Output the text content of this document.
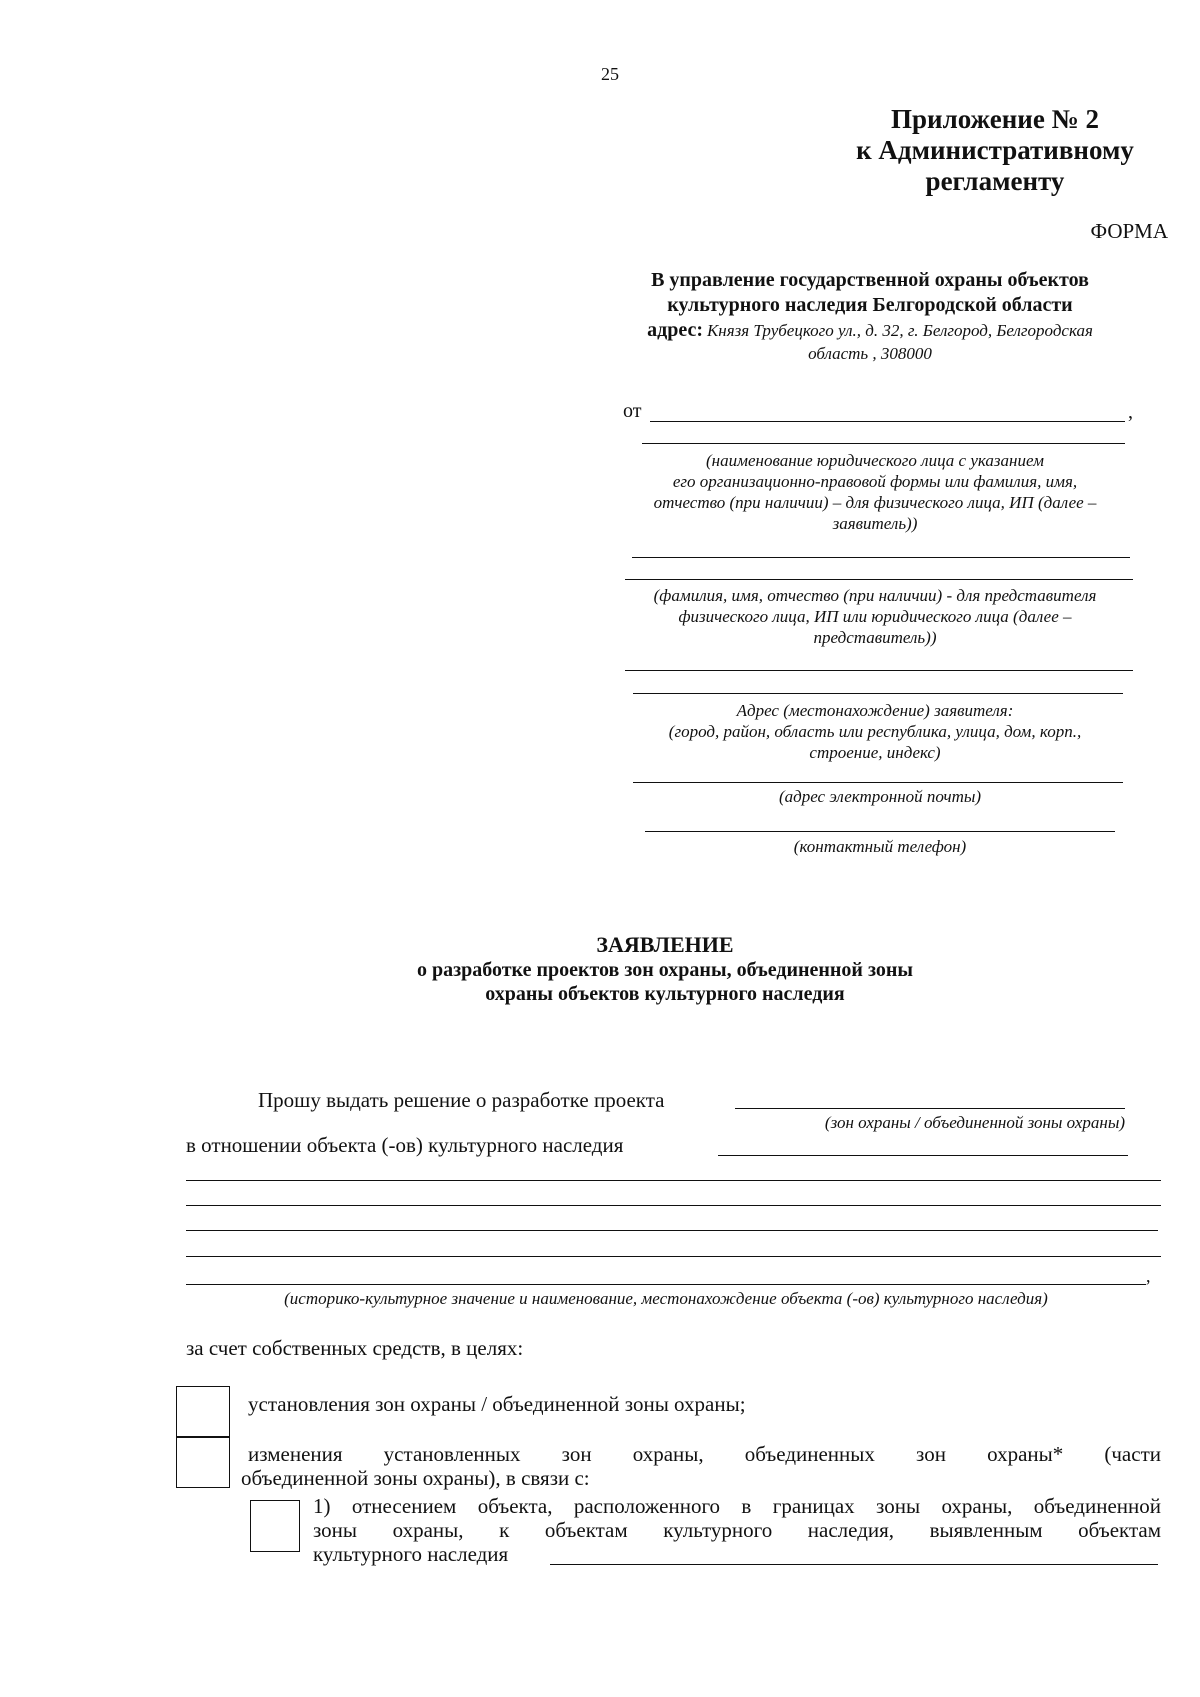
25
Приложение № 2
к Административному
регламенту
ФОРМА
В управление государственной охраны объектов
культурного наследия Белгородской области
адрес: Князя Трубецкого ул., д. 32, г. Белгород, Белгородская
область , 308000
от	,
(наименование юридического лица с указанием
его организационно-правовой формы или фамилия, имя,
отчество (при наличии) – для физического лица, ИП (далее –
заявитель))
(фамилия, имя, отчество (при наличии) - для представителя
физического лица, ИП или юридического лица (далее –
представитель))
Адрес (местонахождение) заявителя:
(город, район, область или республика, улица, дом, корп.,
строение, индекс)
(адрес электронной почты)
(контактный телефон)
ЗАЯВЛЕНИЕ
о разработке проектов зон охраны, объединенной зоны
охраны объектов культурного наследия
Прошу выдать решение о разработке проекта
(зон охраны / объединенной зоны охраны)
в отношении объекта (-ов) культурного наследия
,
(историко-культурное значение и наименование, местонахождение объекта (-ов) культурного наследия)
за счет собственных средств, в целях:
установления зон охраны / объединенной зоны охраны;
изменения установленных зон охраны, объединенных зон охраны* (части
объединенной зоны охраны), в связи с:
1) отнесением объекта, расположенного в границах зоны охраны, объединенной
зоны охраны, к объектам культурного наследия, выявленным объектам
культурного наследия
